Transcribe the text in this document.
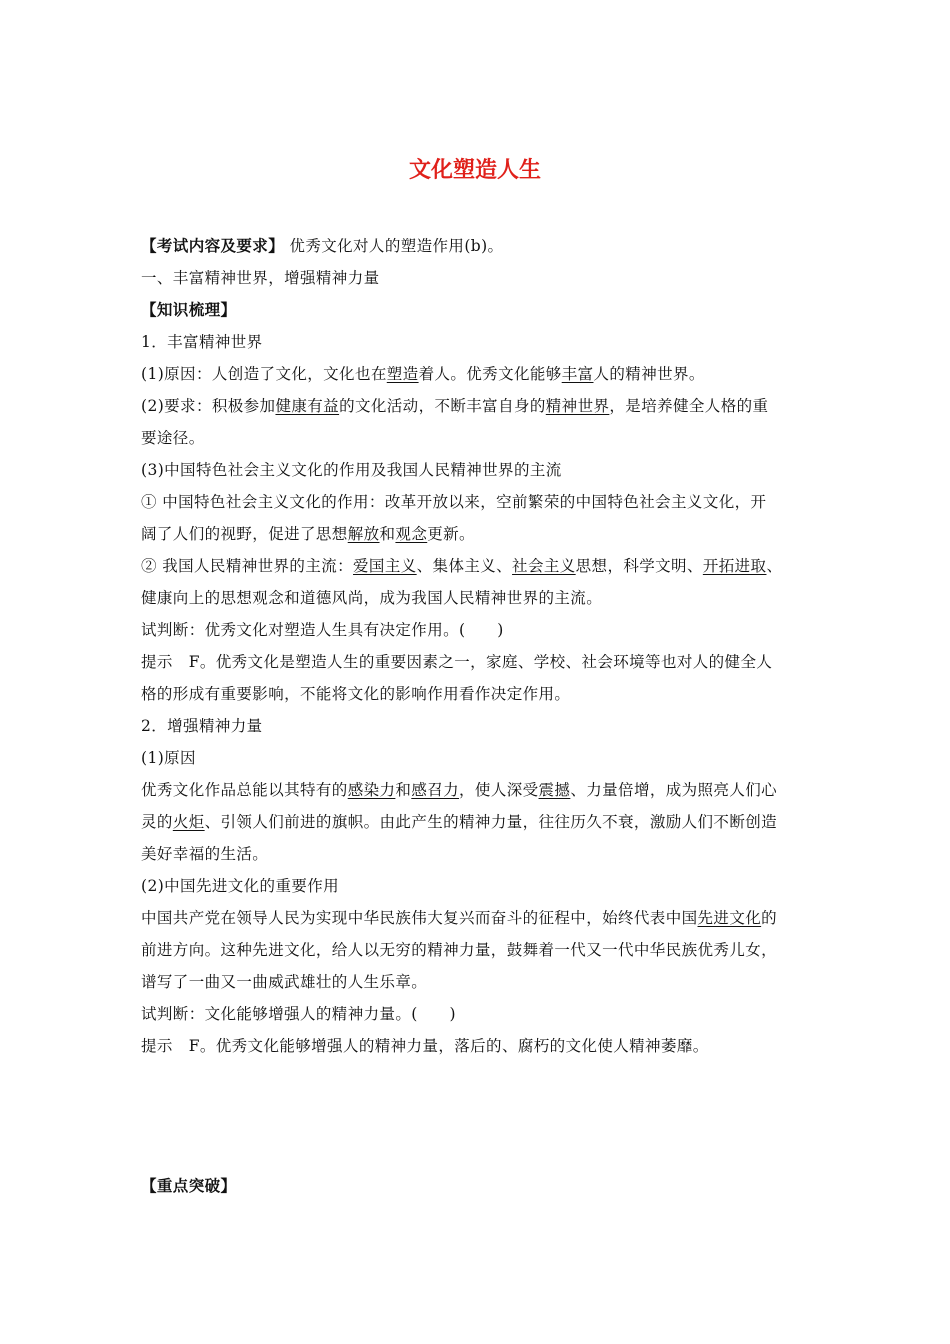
文化塑造人生
【考试内容及要求】 优秀文化对人的塑造作用(b)。
一、丰富精神世界，增强精神力量
【知识梳理】
1．丰富精神世界
(1)原因：人创造了文化，文化也在塑造着人。优秀文化能够丰富人的精神世界。
(2)要求：积极参加健康有益的文化活动，不断丰富自身的精神世界，是培养健全人格的重
要途径。
(3)中国特色社会主义文化的作用及我国人民精神世界的主流
① 中国特色社会主义文化的作用：改革开放以来，空前繁荣的中国特色社会主义文化，开
阔了人们的视野，促进了思想解放和观念更新。
② 我国人民精神世界的主流：爱国主义、集体主义、社会主义思想，科学文明、开拓进取、
健康向上的思想观念和道德风尚，成为我国人民精神世界的主流。
试判断：优秀文化对塑造人生具有决定作用。(　　)
提示　F。优秀文化是塑造人生的重要因素之一，家庭、学校、社会环境等也对人的健全人
格的形成有重要影响，不能将文化的影响作用看作决定作用。
2．增强精神力量
(1)原因
优秀文化作品总能以其特有的感染力和感召力，使人深受震撼、力量倍增，成为照亮人们心
灵的火炬、引领人们前进的旗帜。由此产生的精神力量，往往历久不衰，激励人们不断创造
美好幸福的生活。
(2)中国先进文化的重要作用
中国共产党在领导人民为实现中华民族伟大复兴而奋斗的征程中，始终代表中国先进文化的
前进方向。这种先进文化，给人以无穷的精神力量，鼓舞着一代又一代中华民族优秀儿女，
谱写了一曲又一曲威武雄壮的人生乐章。
试判断：文化能够增强人的精神力量。(　　)
提示　F。优秀文化能够增强人的精神力量，落后的、腐朽的文化使人精神萎靡。
【重点突破】
